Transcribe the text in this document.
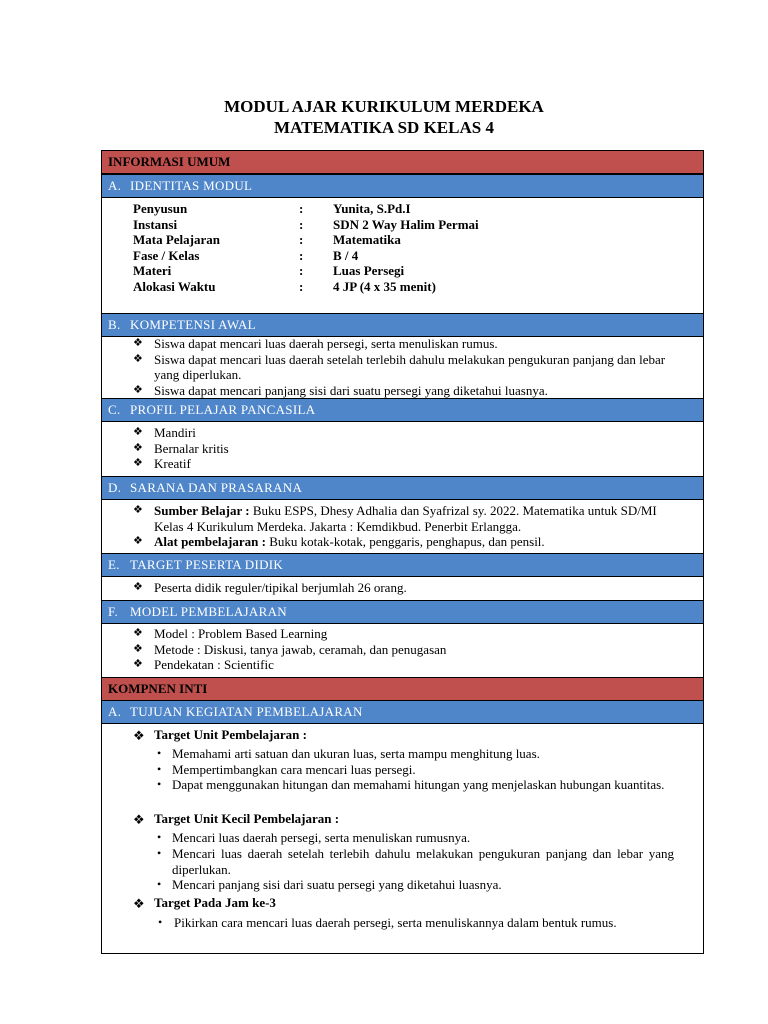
MODUL AJAR KURIKULUM MERDEKA
MATEMATIKA SD KELAS 4
INFORMASI UMUM
A. IDENTITAS MODUL
Penyusun	: Yunita, S.Pd.I
Instansi	: SDN 2 Way Halim Permai
Mata Pelajaran	: Matematika
Fase / Kelas	: B / 4
Materi	: Luas Persegi
Alokasi Waktu	: 4 JP (4 x 35 menit)
B. KOMPETENSI AWAL
❖ Siswa dapat mencari luas daerah persegi, serta menuliskan rumus.
❖ Siswa dapat mencari luas daerah setelah terlebih dahulu melakukan pengukuran panjang dan lebar yang diperlukan.
❖ Siswa dapat mencari panjang sisi dari suatu persegi yang diketahui luasnya.
C. PROFIL PELAJAR PANCASILA
❖ Mandiri
❖ Bernalar kritis
❖ Kreatif
D. SARANA DAN PRASARANA
❖ Sumber Belajar : Buku ESPS, Dhesy Adhalia dan Syafrizal sy. 2022. Matematika untuk SD/MI Kelas 4 Kurikulum Merdeka. Jakarta : Kemdikbud. Penerbit Erlangga.
❖ Alat pembelajaran : Buku kotak-kotak, penggaris, penghapus, dan pensil.
E. TARGET PESERTA DIDIK
❖ Peserta didik reguler/tipikal berjumlah 26 orang.
F. MODEL PEMBELAJARAN
❖ Model : Problem Based Learning
❖ Metode : Diskusi, tanya jawab, ceramah, dan penugasan
❖ Pendekatan : Scientific
KOMPNEN INTI
A. TUJUAN KEGIATAN PEMBELAJARAN
❖ Target Unit Pembelajaran :
• Memahami arti satuan dan ukuran luas, serta mampu menghitung luas.
• Mempertimbangkan cara mencari luas persegi.
• Dapat menggunakan hitungan dan memahami hitungan yang menjelaskan hubungan kuantitas.
❖ Target Unit Kecil Pembelajaran :
• Mencari luas daerah persegi, serta menuliskan rumusnya.
• Mencari luas daerah setelah terlebih dahulu melakukan pengukuran panjang dan lebar yang diperlukan.
• Mencari panjang sisi dari suatu persegi yang diketahui luasnya.
❖ Target Pada Jam ke-3
• Pikirkan cara mencari luas daerah persegi, serta menuliskannya dalam bentuk rumus.
